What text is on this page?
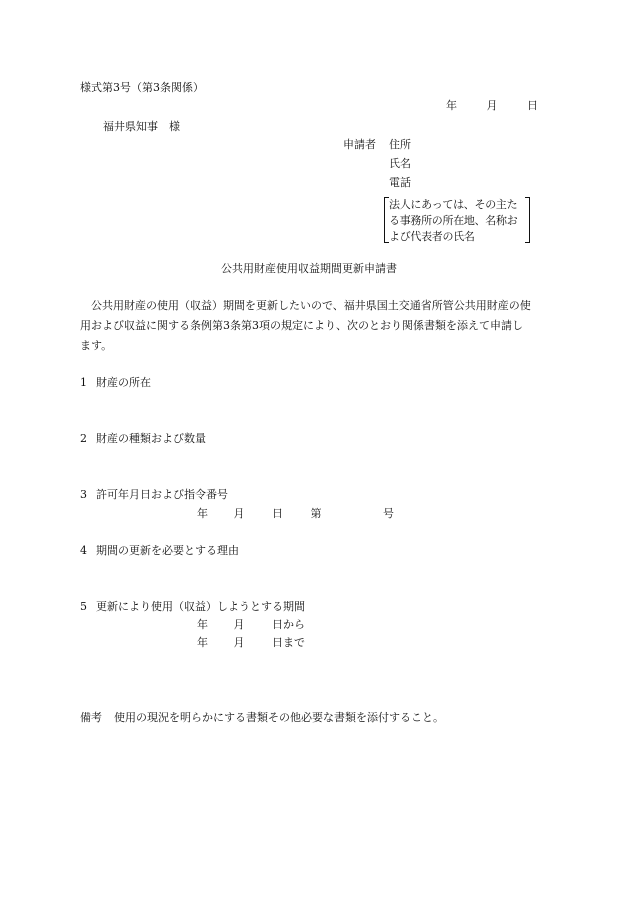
様式第3号（第3条関係）
年	月	日
福井県知事　様
申請者 住所
氏名
電話
法人にあっては、その主た
る事務所の所在地、名称お
よび代表者の氏名
公共用財産使用収益期間更新申請書
公共用財産の使用（収益）期間を更新したいので、福井県国土交通省所管公共用財産の使
用および収益に関する条例第3条第3項の規定により、次のとおり関係書類を添えて申請し
ます。
1 財産の所在
2 財産の種類および数量
3 許可年月日および指令番号
年 月	日	第	号
4 期間の更新を必要とする理由
5 更新により使用（収益）しようとする期間
年 月	日から
年 月	日まで
備考 使用の現況を明らかにする書類その他必要な書類を添付すること。
